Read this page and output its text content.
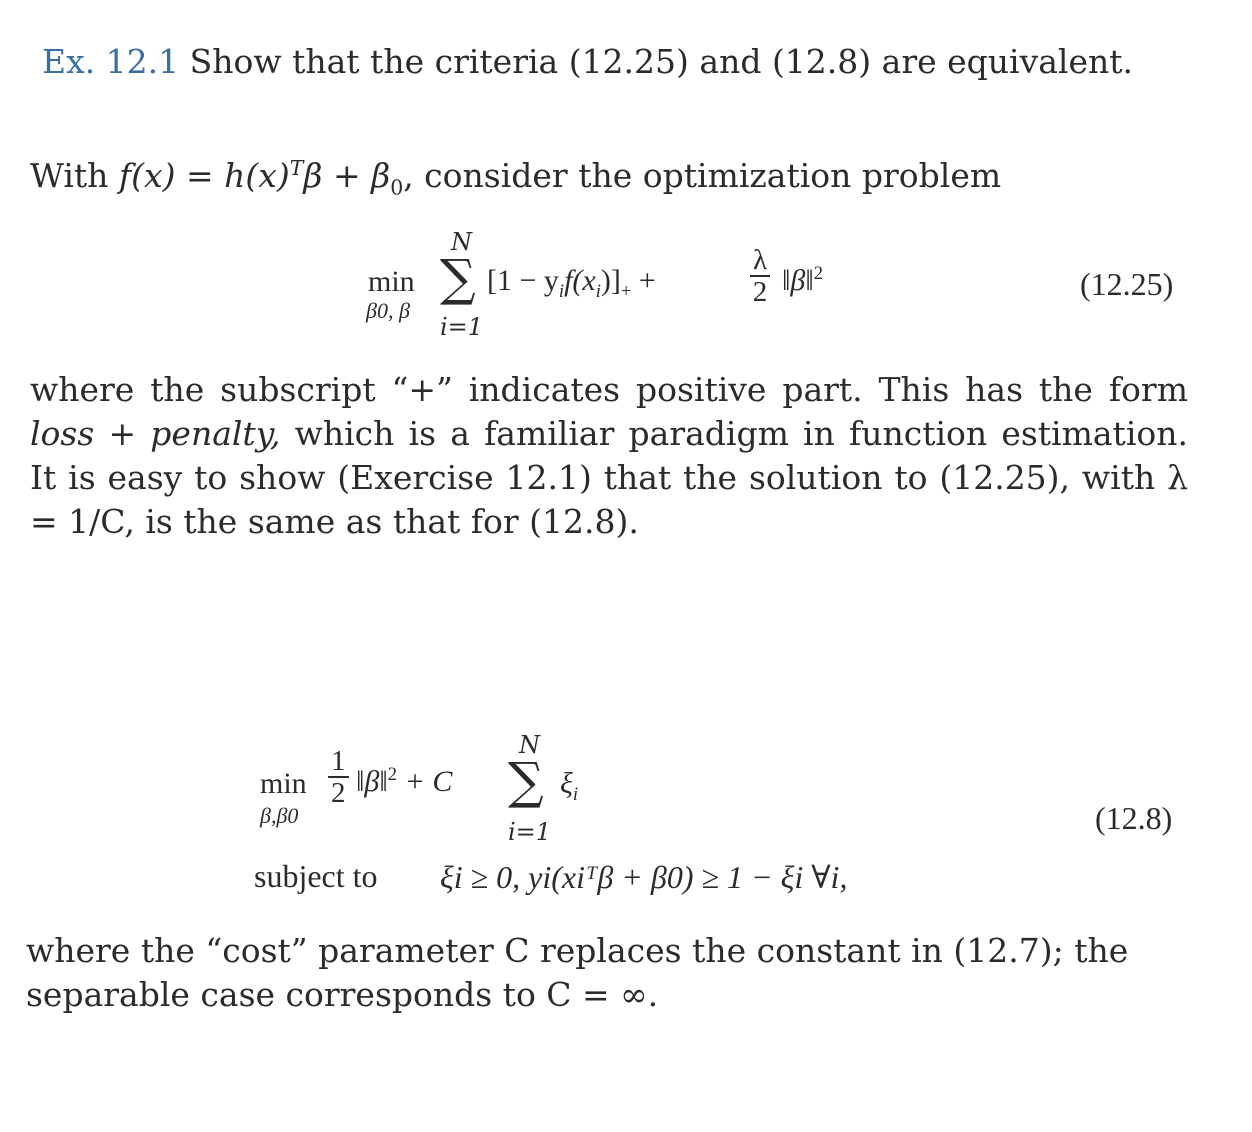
Ex. 12.1 Show that the criteria (12.25) and (12.8) are equivalent.
With $f(x) = h(x)^T\beta + \beta_0$, consider the optimization problem
min
β0, β
N
∑
i=1
$[1 - y_if(x_i)]_+$ +	$\frac{\lambda}{2}$ ‖β‖$^2$	(12.25)
where the subscript “+” indicates positive part. This has the form loss + penalty, which is a familiar paradigm in function estimation. It is easy to show (Exercise 12.1) that the solution to (12.25), with λ = 1/C, is the same as that for (12.8).
min
β,β0
$\frac{1}{2}$ ‖β‖$^2$ + C
N
∑
i=1
$\xi_i$
(12.8)
subject to ξi ≥ 0, yi(xiᵀβ + β0) ≥ 1 − ξi ∀i,
where the “cost” parameter C replaces the constant in (12.7); the separable case corresponds to C = ∞.
